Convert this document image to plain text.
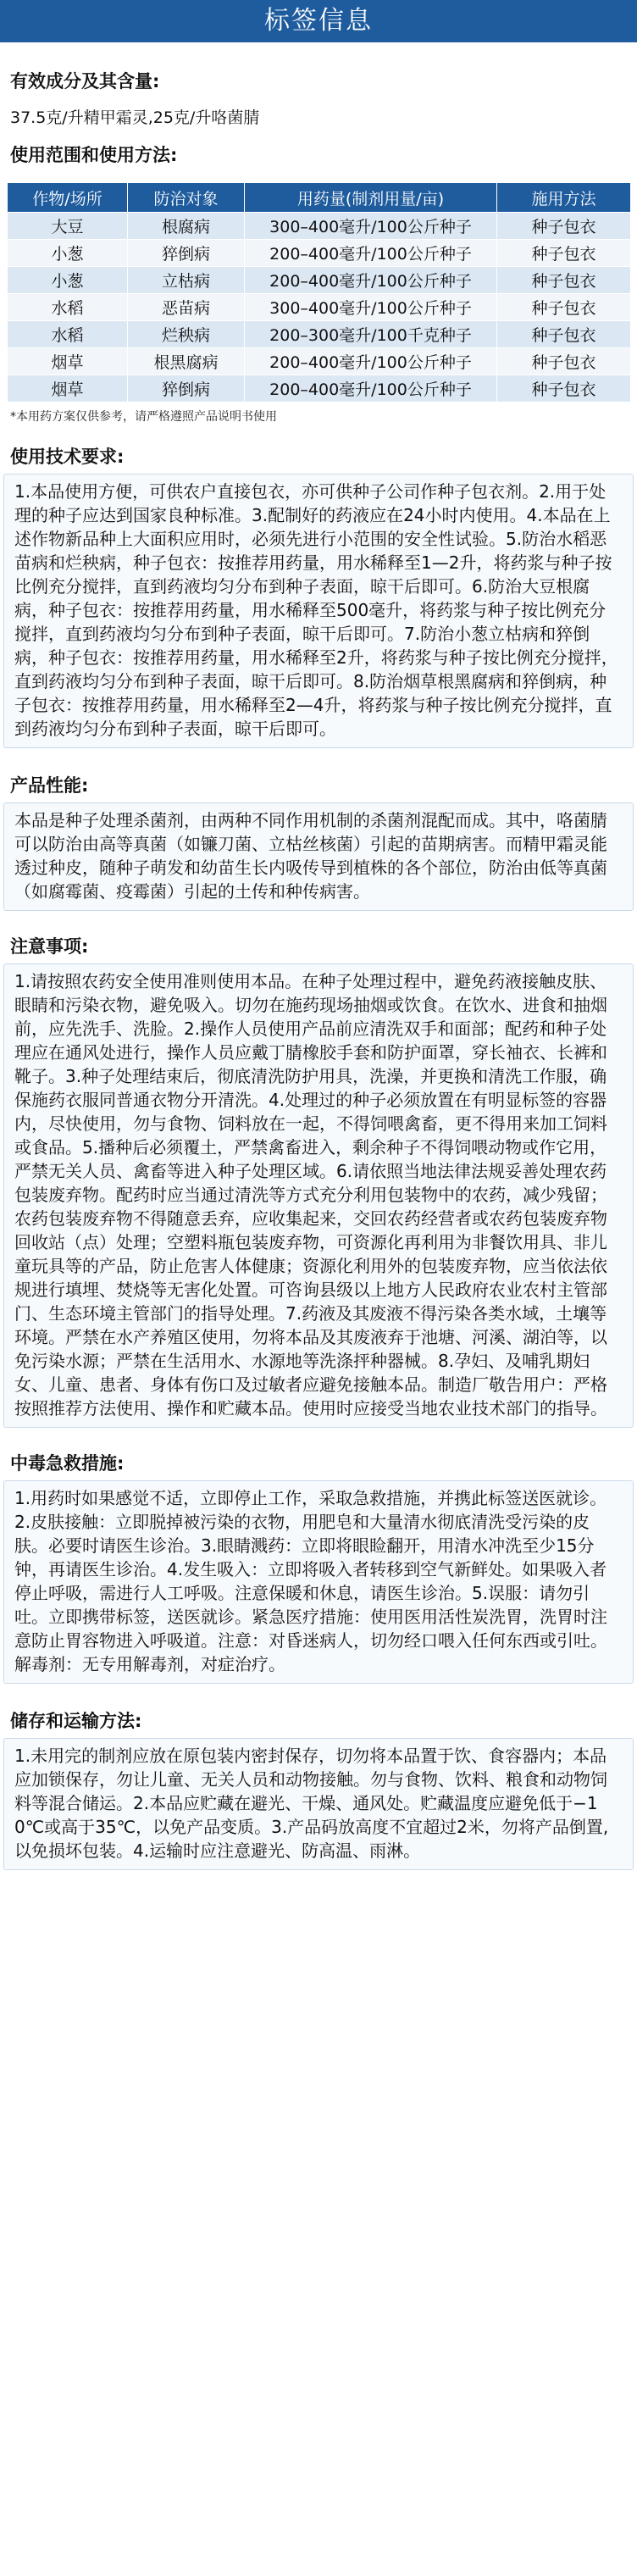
标签信息
有效成分及其含量:
37.5克/升精甲霜灵,25克/升咯菌腈
使用范围和使用方法:
作物/场所	防治对象	用药量(制剂用量/亩)	施用方法
大豆	根腐病	300–400毫升/100公斤种子	种子包衣
小葱	猝倒病	200–400毫升/100公斤种子	种子包衣
小葱	立枯病	200–400毫升/100公斤种子	种子包衣
水稻	恶苗病	300–400毫升/100公斤种子	种子包衣
水稻	烂秧病	200–300毫升/100千克种子	种子包衣
烟草	根黑腐病	200–400毫升/100公斤种子	种子包衣
烟草	猝倒病	200–400毫升/100公斤种子	种子包衣
*本用药方案仅供参考，请严格遵照产品说明书使用
使用技术要求:

1.本品使用方便，可供农户直接包衣，亦可供种子公司作种子包衣剂。2.用于处理的种子应达到国家良种标准。3.配制好的药液应在24小时内使用。4.本品在上述作物新品种上大面积应用时，必须先进行小范围的安全性试验。5.防治水稻恶苗病和烂秧病，种子包衣：按推荐用药量，用水稀释至1—2升，将药浆与种子按比例充分搅拌，直到药液均匀分布到种子表面，晾干后即可。6.防治大豆根腐病，种子包衣：按推荐用药量，用水稀释至500毫升，将药浆与种子按比例充分搅拌，直到药液均匀分布到种子表面，晾干后即可。7.防治小葱立枯病和猝倒病，种子包衣：按推荐用药量，用水稀释至2升，将药浆与种子按比例充分搅拌，直到药液均匀分布到种子表面，晾干后即可。8.防治烟草根黑腐病和猝倒病，种子包衣：按推荐用药量，用水稀释至2—4升，将药浆与种子按比例充分搅拌，直到药液均匀分布到种子表面，晾干后即可。

产品性能:

本品是种子处理杀菌剂，由两种不同作用机制的杀菌剂混配而成。其中，咯菌腈可以防治由高等真菌（如镰刀菌、立枯丝核菌）引起的苗期病害。而精甲霜灵能透过种皮，随种子萌发和幼苗生长内吸传导到植株的各个部位，防治由低等真菌（如腐霉菌、疫霉菌）引起的土传和种传病害。

注意事项:

1.请按照农药安全使用准则使用本品。在种子处理过程中，避免药液接触皮肤、眼睛和污染衣物，避免吸入。切勿在施药现场抽烟或饮食。在饮水、进食和抽烟前，应先洗手、洗脸。2.操作人员使用产品前应清洗双手和面部；配药和种子处理应在通风处进行，操作人员应戴丁腈橡胶手套和防护面罩，穿长袖衣、长裤和靴子。3.种子处理结束后，彻底清洗防护用具，洗澡，并更换和清洗工作服，确保施药衣服同普通衣物分开清洗。4.处理过的种子必须放置在有明显标签的容器内，尽快使用，勿与食物、饲料放在一起，不得饲喂禽畜，更不得用来加工饲料或食品。5.播种后必须覆土，严禁禽畜进入，剩余种子不得饲喂动物或作它用，严禁无关人员、禽畜等进入种子处理区域。6.请依照当地法律法规妥善处理农药包装废弃物。配药时应当通过清洗等方式充分利用包装物中的农药，减少残留；农药包装废弃物不得随意丢弃，应收集起来，交回农药经营者或农药包装废弃物回收站（点）处理；空塑料瓶包装废弃物，可资源化再利用为非餐饮用具、非儿童玩具等的产品，防止危害人体健康；资源化利用外的包装废弃物，应当依法依规进行填埋、焚烧等无害化处置。可咨询县级以上地方人民政府农业农村主管部门、生态环境主管部门的指导处理。7.药液及其废液不得污染各类水域，土壤等环境。严禁在水产养殖区使用，勿将本品及其废液弃于池塘、河溪、湖泊等，以免污染水源；严禁在生活用水、水源地等洗涤抨种器械。8.孕妇、及哺乳期妇女、儿童、患者、身体有伤口及过敏者应避免接触本品。制造厂敬告用户：严格按照推荐方法使用、操作和贮藏本品。使用时应接受当地农业技术部门的指导。

中毒急救措施:

1.用药时如果感觉不适，立即停止工作，采取急救措施，并携此标签送医就诊。2.皮肤接触：立即脱掉被污染的衣物，用肥皂和大量清水彻底清洗受污染的皮肤。必要时请医生诊治。3.眼睛溅药：立即将眼睑翻开，用清水冲洗至少15分钟，再请医生诊治。4.发生吸入：立即将吸入者转移到空气新鲜处。如果吸入者停止呼吸，需进行人工呼吸。注意保暖和休息，请医生诊治。5.误服：请勿引吐。立即携带标签，送医就诊。紧急医疗措施：使用医用活性炭洗胃，洗胃时注意防止胃容物进入呼吸道。注意：对昏迷病人，切勿经口喂入任何东西或引吐。解毒剂：无专用解毒剂，对症治疗。

储存和运输方法:

1.未用完的制剂应放在原包装内密封保存，切勿将本品置于饮、食容器内；本品应加锁保存，勿让儿童、无关人员和动物接触。勿与食物、饮料、粮食和动物饲料等混合储运。2.本品应贮藏在避光、干燥、通风处。贮藏温度应避免低于−10℃或高于35℃，以免产品变质。3.产品码放高度不宜超过2米，勿将产品倒置,以免损坏包装。4.运输时应注意避光、防高温、雨淋。
